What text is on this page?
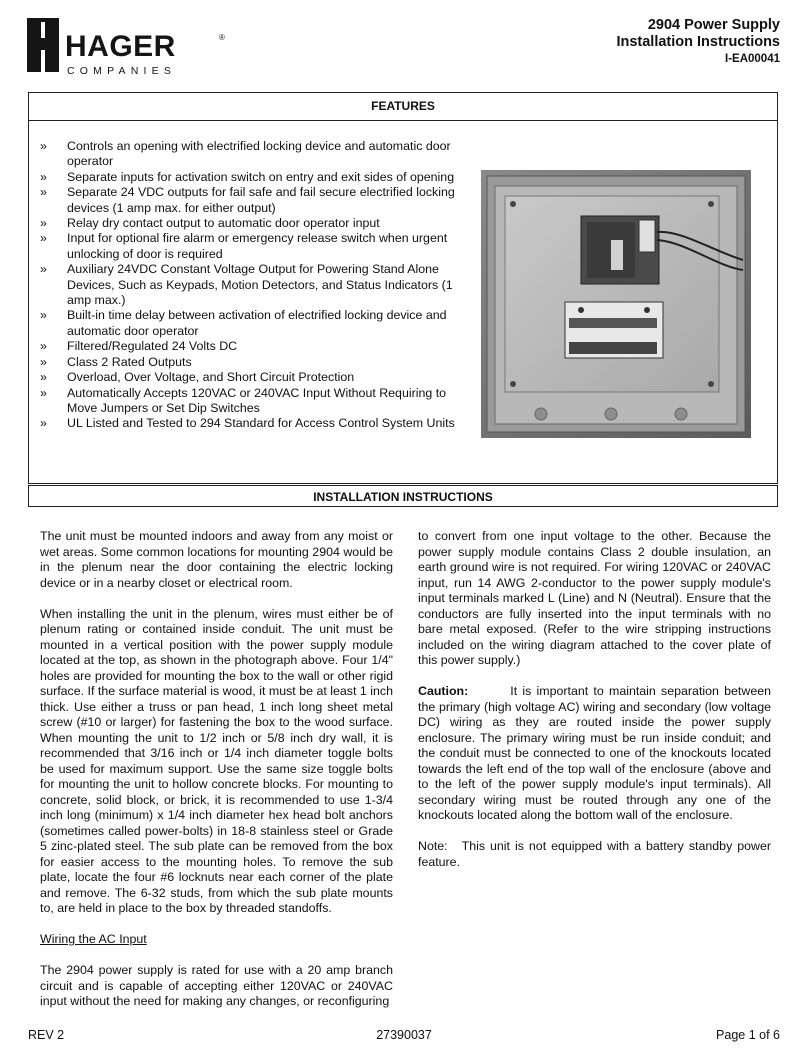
HAGER	®
COMPANIES
2904 Power Supply
Installation Instructions
I-EA00041
FEATURES
» Controls an opening with electrified locking device and automatic door operator
» Separate inputs for activation switch on entry and exit sides of opening
» Separate 24 VDC outputs for fail safe and fail secure electrified locking devices (1 amp max. for either output)
» Relay dry contact output to automatic door operator input
» Input for optional fire alarm or emergency release switch when urgent unlocking of door is required
» Auxiliary 24VDC Constant Voltage Output for Powering Stand Alone Devices, Such as Keypads, Motion Detectors, and Status Indicators (1 amp max.)
» Built-in time delay between activation of electrified locking device and automatic door operator
» Filtered/Regulated 24 Volts DC
» Class 2 Rated Outputs
» Overload, Over Voltage, and Short Circuit Protection
» Automatically Accepts 120VAC or 240VAC Input Without Requiring to Move Jumpers or Set Dip Switches
» UL Listed and Tested to 294 Standard for Access Control System Units
INSTALLATION INSTRUCTIONS

The unit must be mounted indoors and away from any moist or wet areas. Some common locations for mounting 2904 would be in the plenum near the door containing the electric locking device or in a nearby closet or electrical room.

When installing the unit in the plenum, wires must either be of plenum rating or contained inside conduit. The unit must be mounted in a vertical position with the power supply module located at the top, as shown in the photograph above. Four 1/4" holes are provided for mounting the box to the wall or other rigid surface. If the surface material is wood, it must be at least 1 inch thick. Use either a truss or pan head, 1 inch long sheet metal screw (#10 or larger) for fastening the box to the wood surface. When mounting the unit to 1/2 inch or 5/8 inch dry wall, it is recommended that 3/16 inch or 1/4 inch diameter toggle bolts be used for maximum support. Use the same size toggle bolts for mounting the unit to hollow concrete blocks. For mounting to concrete, solid block, or brick, it is recommended to use 1-3/4 inch long (minimum) x 1/4 inch diameter hex head bolt anchors (sometimes called power-bolts) in 18-8 stainless steel or Grade 5 zinc-plated steel. The sub plate can be removed from the box for easier access to the mounting holes. To remove the sub plate, locate the four #6 locknuts near each corner of the plate and remove. The 6-32 studs, from which the sub plate mounts to, are held in place to the box by threaded standoffs.

Wiring the AC Input

The 2904 power supply is rated for use with a 20 amp branch circuit and is capable of accepting either 120VAC or 240VAC input without the need for making any changes, or reconfiguring

to convert from one input voltage to the other. Because the power supply module contains Class 2 double insulation, an earth ground wire is not required. For wiring 120VAC or 240VAC input, run 14 AWG 2-conductor to the power supply module's input terminals marked L (Line) and N (Neutral). Ensure that the conductors are fully inserted into the input terminals with no bare metal exposed. (Refer to the wire stripping instructions included on the wiring diagram attached to the cover plate of this power supply.)

Caution:	It is important to maintain separation between the primary (high voltage AC) wiring and secondary (low voltage DC) wiring as they are routed inside the power supply enclosure. The primary wiring must be run inside conduit; and the conduit must be connected to one of the knockouts located towards the left end of the top wall of the enclosure (above and to the left of the power supply module's input terminals). All secondary wiring must be routed through any one of the knockouts located along the bottom wall of the enclosure.

Note: This unit is not equipped with a battery standby power feature.

REV 2	27390037	Page 1 of 6
